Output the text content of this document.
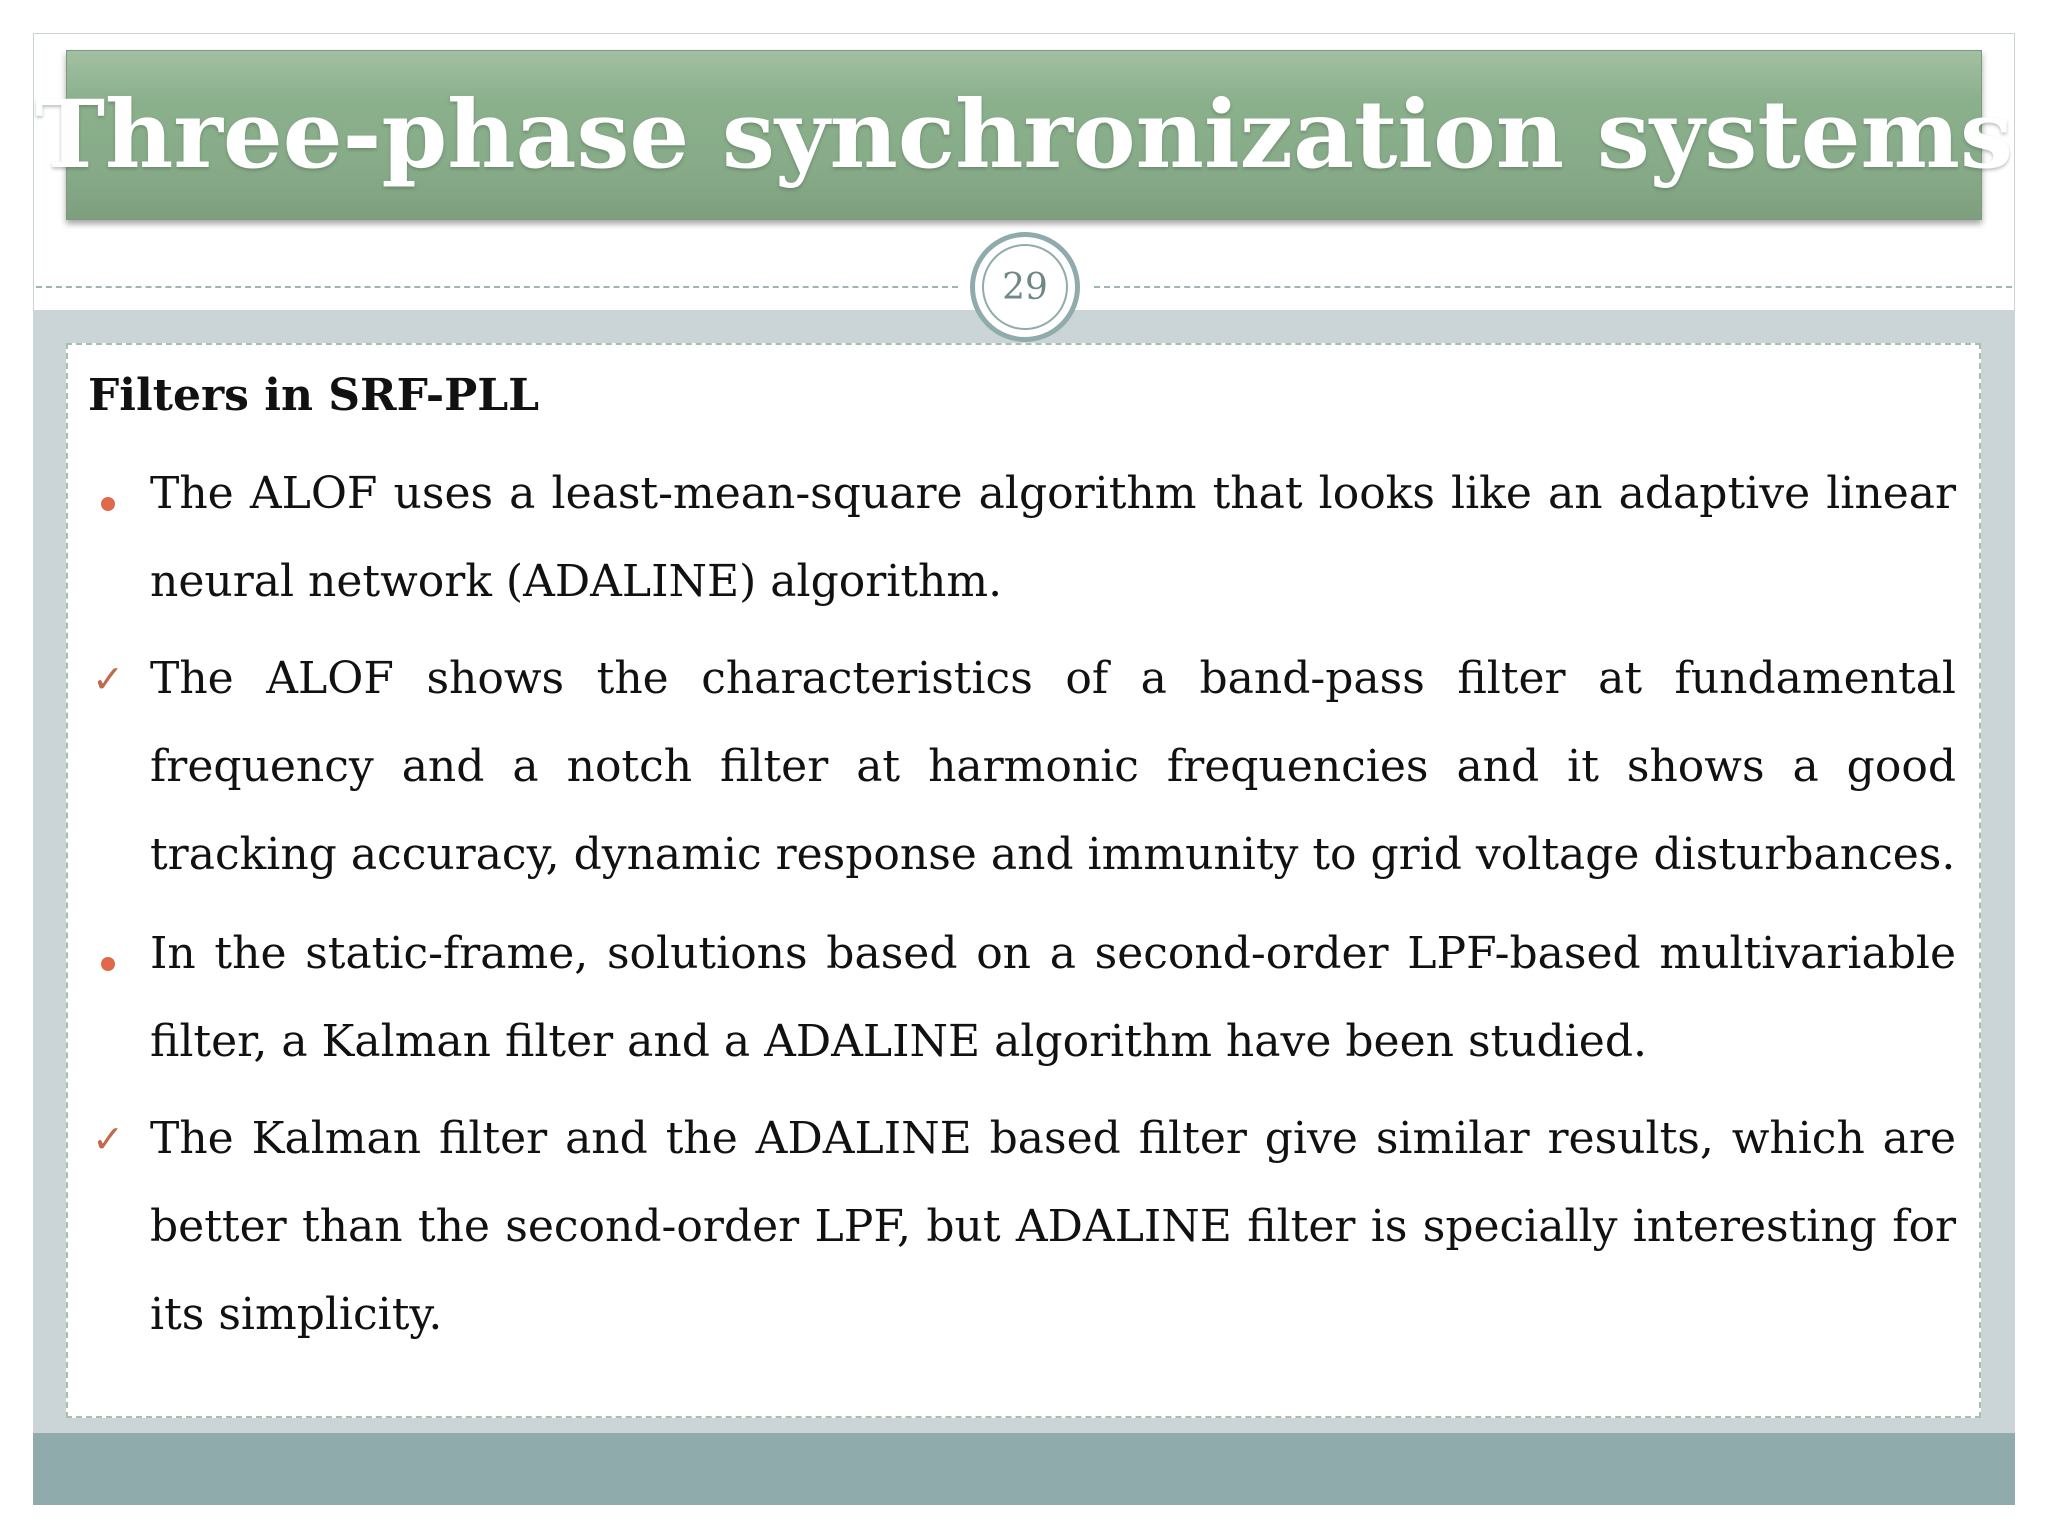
Three-phase synchronization systems
29
Filters in SRF-PLL
The ALOF uses a least-mean-square algorithm that looks like an adaptive linear neural network (ADALINE) algorithm.
✓ The ALOF shows the characteristics of a band-pass filter at fundamental frequency and a notch filter at harmonic frequencies and it shows a good tracking accuracy, dynamic response and immunity to grid voltage disturbances.
In the static-frame, solutions based on a second-order LPF-based multivariable filter, a Kalman filter and a ADALINE algorithm have been studied.
✓ The Kalman filter and the ADALINE based filter give similar results, which are better than the second-order LPF, but ADALINE filter is specially interesting for its simplicity.
